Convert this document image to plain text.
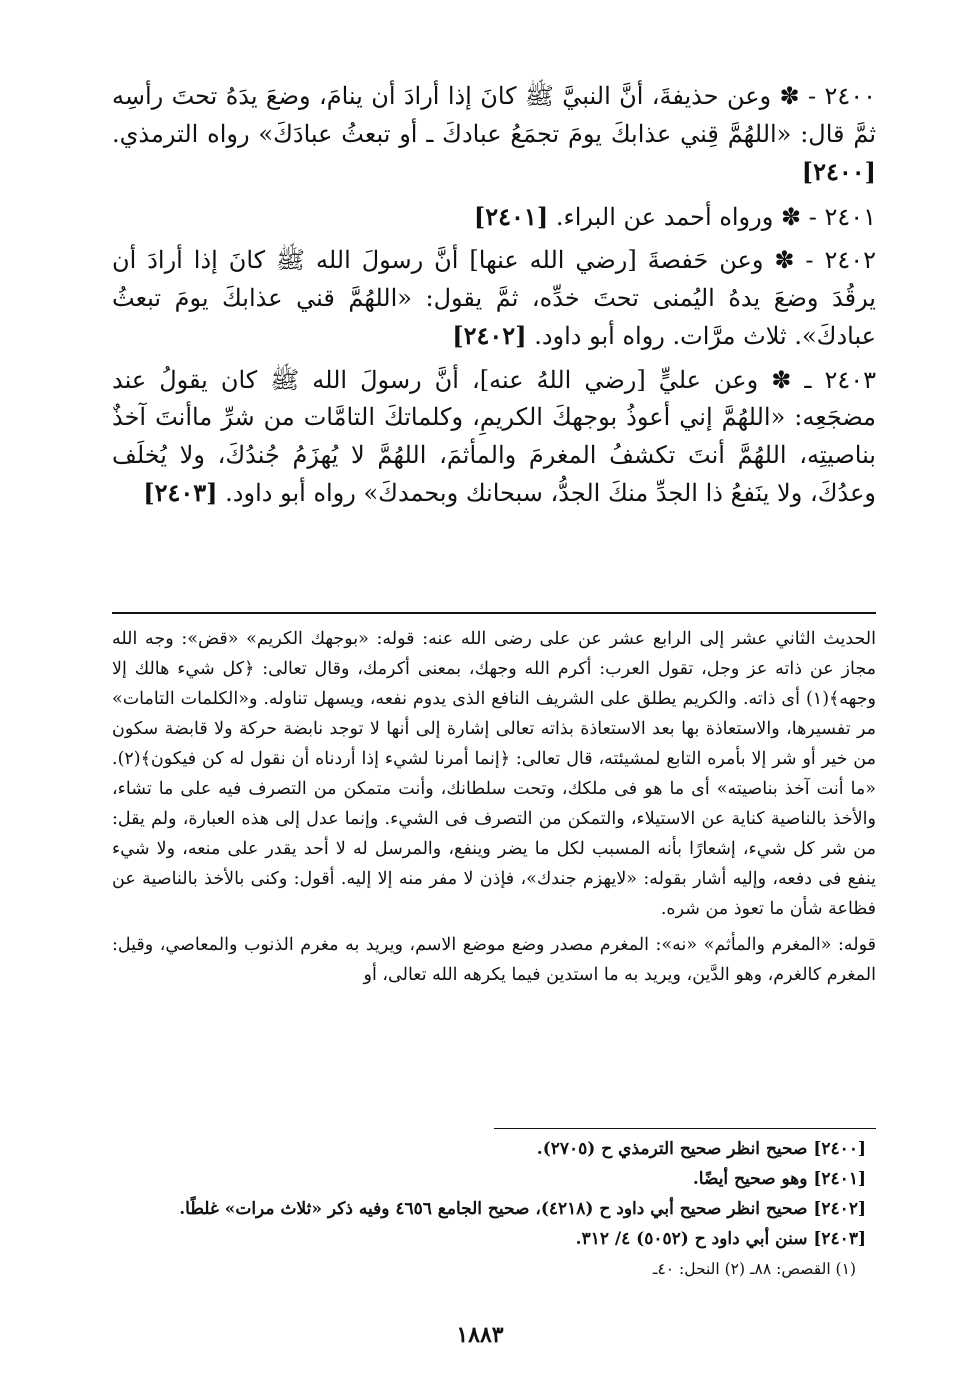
٢٤٠٠ - ✽ وعن حذيفةَ، أنَّ النبيَّ ﷺ كانَ إذا أرادَ أن ينامَ، وضعَ يدَهُ تحتَ رأسِه ثمَّ قال: «اللهُمَّ قِني عذابكَ يومَ تجمَعُ عبادكَ ـ أو تبعثُ عبادَكَ» رواه الترمذي. [٢٤٠٠]

٢٤٠١ - ✽ ورواه أحمد عن البراء. [٢٤٠١]

٢٤٠٢ - ✽ وعن حَفصةَ [رضي الله عنها] أنَّ رسولَ الله ﷺ كانَ إذا أرادَ أن يرقُدَ وضعَ يدهُ اليُمنى تحتَ خدِّه، ثمَّ يقول: «اللهُمَّ قني عذابكَ يومَ تبعثُ عبادكَ». ثلاث مرَّات. رواه أبو داود. [٢٤٠٢]

٢٤٠٣ ـ ✽ وعن عليٍّ [رضي اللهُ عنه]، أنَّ رسولَ الله ﷺ كان يقولُ عند مضجَعِه: «اللهُمَّ إني أعوذُ بوجهكَ الكريمِ، وكلماتكَ التامَّات من شرِّ ماأنتَ آخذٌ بناصيتِه، اللهُمَّ أنتَ تكشفُ المغرمَ والمأثمَ، اللهُمَّ لا يُهزَمُ جُندُكَ، ولا يُخلَف وعدُكَ، ولا ينَفعُ ذا الجدِّ منكَ الجدُّ، سبحانك وبحمدكَ» رواه أبو داود. [٢٤٠٣]

الحديث الثاني عشر إلى الرابع عشر عن على رضى الله عنه: قوله: «بوجهك الكريم» «قض»: وجه الله مجاز عن ذاته عز وجل، تقول العرب: أكرم الله وجهك، بمعنى أكرمك، وقال تعالى: ﴿كل شيء هالك إلا وجهه﴾(١) أى ذاته. والكريم يطلق على الشريف النافع الذى يدوم نفعه، ويسهل تناوله. و«الكلمات التامات» مر تفسيرها، والاستعاذة بها بعد الاستعاذة بذاته تعالى إشارة إلى أنها لا توجد نابضة حركة ولا قابضة سكون من خير أو شر إلا بأمره التابع لمشيئته، قال تعالى: ﴿إنما أمرنا لشيء إذا أردناه أن نقول له كن فيكون﴾(٢). «ما أنت آخذ بناصيته» أى ما هو فى ملكك، وتحت سلطانك، وأنت متمكن من التصرف فيه على ما تشاء، والأخذ بالناصية كناية عن الاستيلاء، والتمكن من التصرف فى الشيء. وإنما عدل إلى هذه العبارة، ولم يقل: من شر كل شيء، إشعارًا بأنه المسبب لكل ما يضر وينفع، والمرسل له لا أحد يقدر على منعه، ولا شيء ينفع فى دفعه، وإليه أشار بقوله: «لايهزم جندك»، فإذن لا مفر منه إلا إليه. أقول: وكنى بالأخذ بالناصية عن فظاعة شأن ما تعوذ من شره.

قوله: «المغرم والمأثم» «نه»: المغرم مصدر وضع موضع الاسم، ويريد به مغرم الذنوب والمعاصي، وقيل: المغرم كالغرم، وهو الدَّين، ويريد به ما استدين فيما يكرهه الله تعالى، أو

[٢٤٠٠] صحيح انظر صحيح الترمذي ح (٢٧٠٥).
[٢٤٠١] وهو صحيح أيضًا.
[٢٤٠٢] صحيح انظر صحيح أبي داود ح (٤٢١٨)، صحيح الجامع ٤٦٥٦ وفيه ذكر «ثلاث مرات» غلطًا.
[٢٤٠٣] سنن أبي داود ح (٥٠٥٢) ٤/ ٣١٢.
(١) القصص: ٨٨ـ (٢) النحل: ٤٠ـ
١٨٨٣
